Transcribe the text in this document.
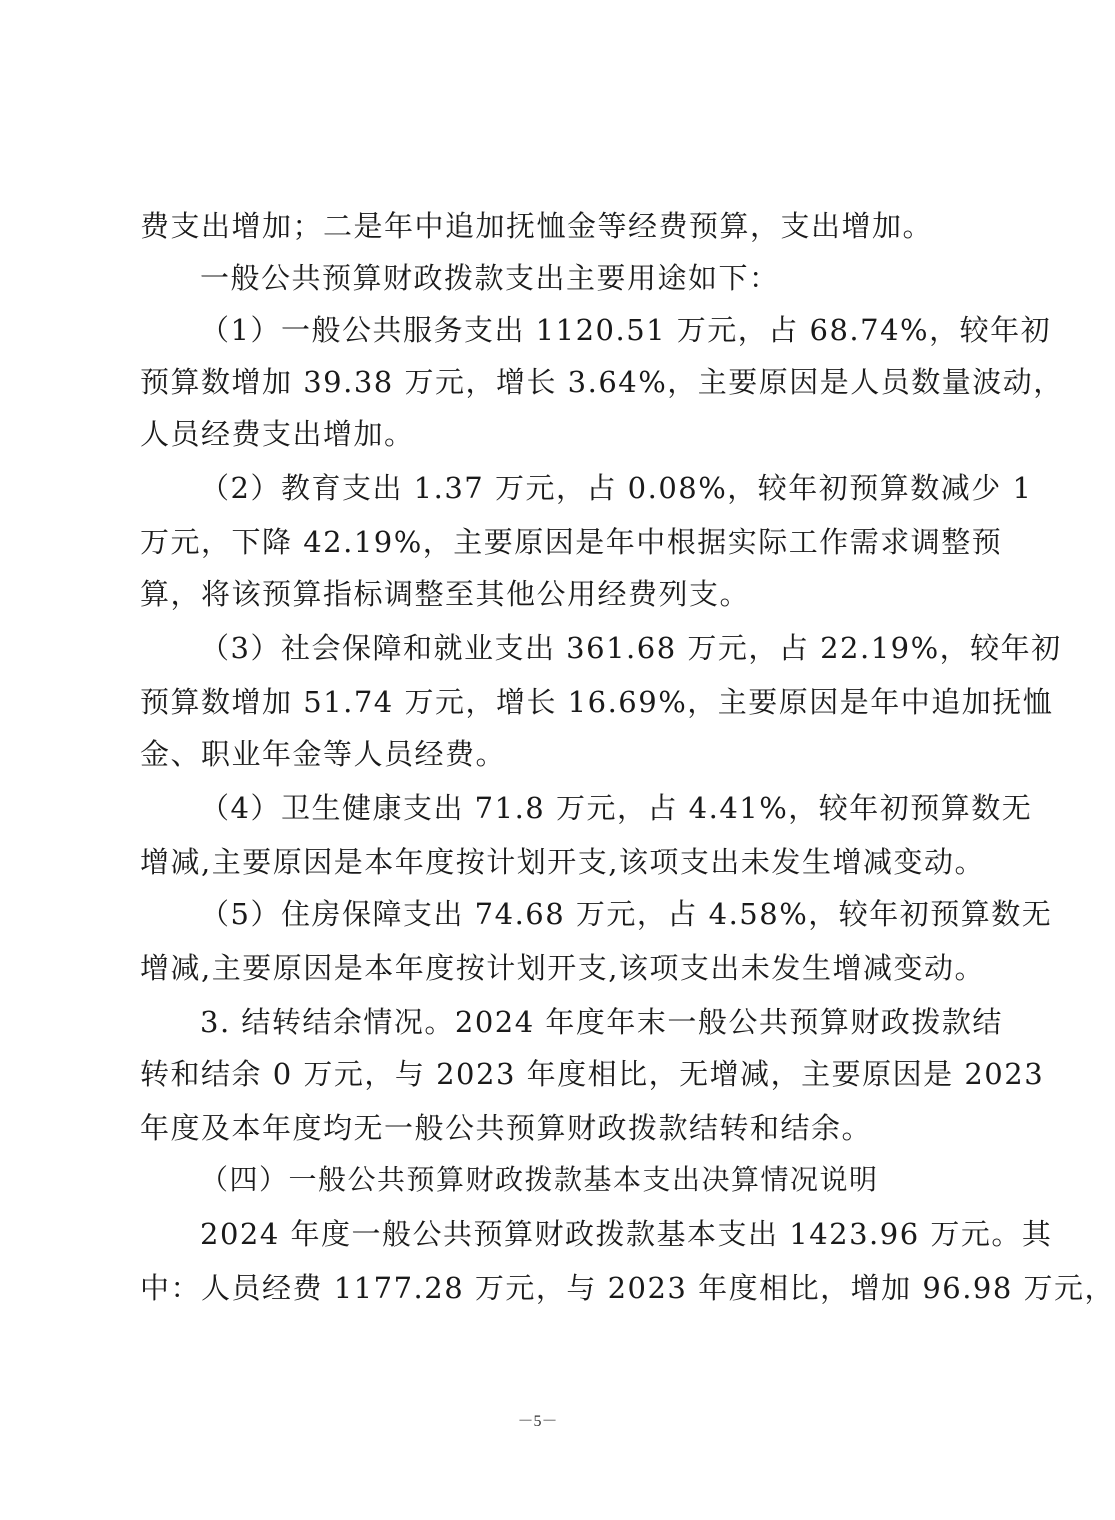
费支出增加；二是年中追加抚恤金等经费预算，支出增加。
一般公共预算财政拨款支出主要用途如下：
（1）一般公共服务支出 1120.51 万元，占 68.74%，较年初
预算数增加 39.38 万元，增长 3.64%，主要原因是人员数量波动，
人员经费支出增加。
（2）教育支出 1.37 万元，占 0.08%，较年初预算数减少 1
万元，下降 42.19%，主要原因是年中根据实际工作需求调整预
算，将该预算指标调整至其他公用经费列支。
（3）社会保障和就业支出 361.68 万元，占 22.19%，较年初
预算数增加 51.74 万元，增长 16.69%，主要原因是年中追加抚恤
金、职业年金等人员经费。
（4）卫生健康支出 71.8 万元，占 4.41%，较年初预算数无
增减,主要原因是本年度按计划开支,该项支出未发生增减变动。
（5）住房保障支出 74.68 万元，占 4.58%，较年初预算数无
增减,主要原因是本年度按计划开支,该项支出未发生增减变动。
3. 结转结余情况。2024 年度年末一般公共预算财政拨款结
转和结余 0 万元，与 2023 年度相比，无增减，主要原因是 2023
年度及本年度均无一般公共预算财政拨款结转和结余。
（四）一般公共预算财政拨款基本支出决算情况说明
2024 年度一般公共预算财政拨款基本支出 1423.96 万元。其
中：人员经费 1177.28 万元，与 2023 年度相比，增加 96.98 万元，
－5－
